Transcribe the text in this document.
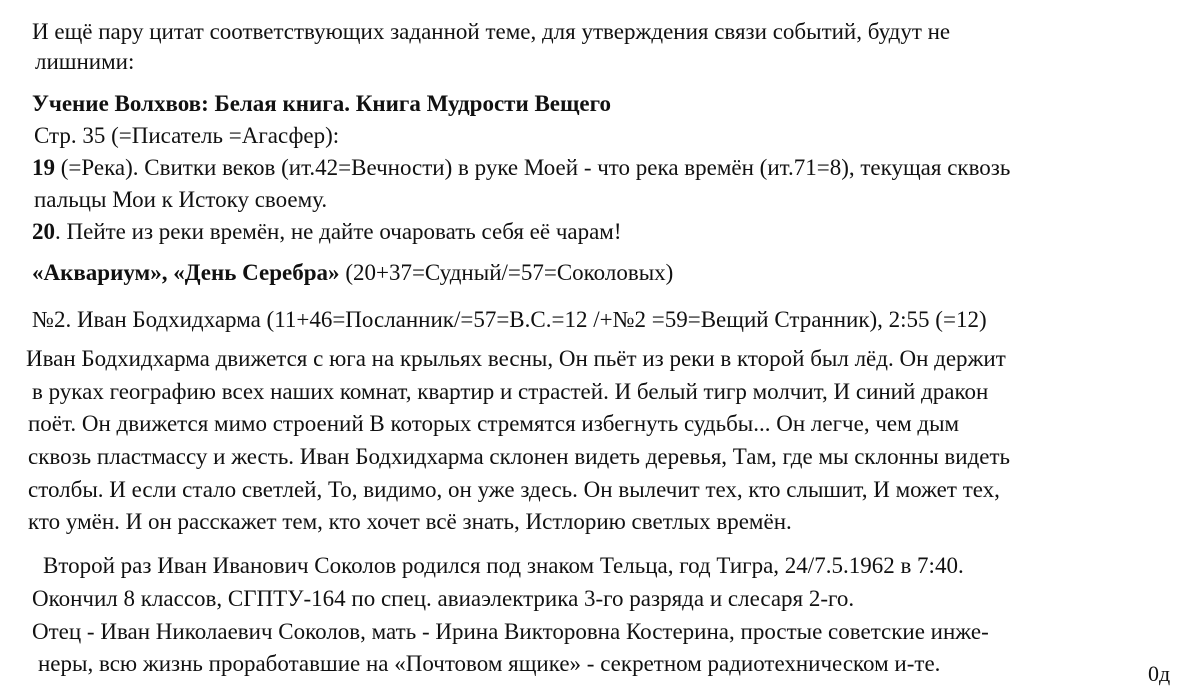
И ещё пару цитат соответствующих заданной теме, для утверждения связи событий, будут не
лишними:
Учение Волхвов: Белая книга. Книга Мудрости Вещего
Стр. 35 (=Писатель =Агасфер):
19 (=Река). Свитки веков (ит.42=Вечности) в руке Моей - что река времён (ит.71=8), текущая сквозь
пальцы Мои к Истоку своему.
20. Пейте из реки времён, не дайте очаровать себя её чарам!
«Аквариум», «День Серебра» (20+37=Судный/=57=Соколовых)
№2. Иван Бодхидхарма (11+46=Посланник/=57=В.С.=12 /+№2 =59=Вещий Странник), 2:55 (=12)
Иван Бодхидхарма движется с юга на крыльях весны, Он пьёт из реки в кторой был лёд. Он держит
в руках географию всех наших комнат, квартир и страстей. И белый тигр молчит, И синий дракон
поёт. Он движется мимо строений В которых стремятся избегнуть судьбы... Он легче, чем дым
сквозь пластмассу и жесть. Иван Бодхидхарма склонен видеть деревья, Там, где мы склонны видеть
столбы. И если стало светлей, То, видимо, он уже здесь. Он вылечит тех, кто слышит, И может тех,
кто умён. И он расскажет тем, кто хочет всё знать, Истлорию светлых времён.
Второй раз Иван Иванович Соколов родился под знаком Тельца, год Тигра, 24/7.5.1962 в 7:40.
Окончил 8 классов, СГПТУ-164 по спец. авиаэлектрика 3-го разряда и слесаря 2-го.
Отец - Иван Николаевич Соколов, мать - Ирина Викторовна Костерина, простые советские инже-
неры, всю жизнь проработавшие на «Почтовом ящике» - секретном радиотехническом и-те.	0д
